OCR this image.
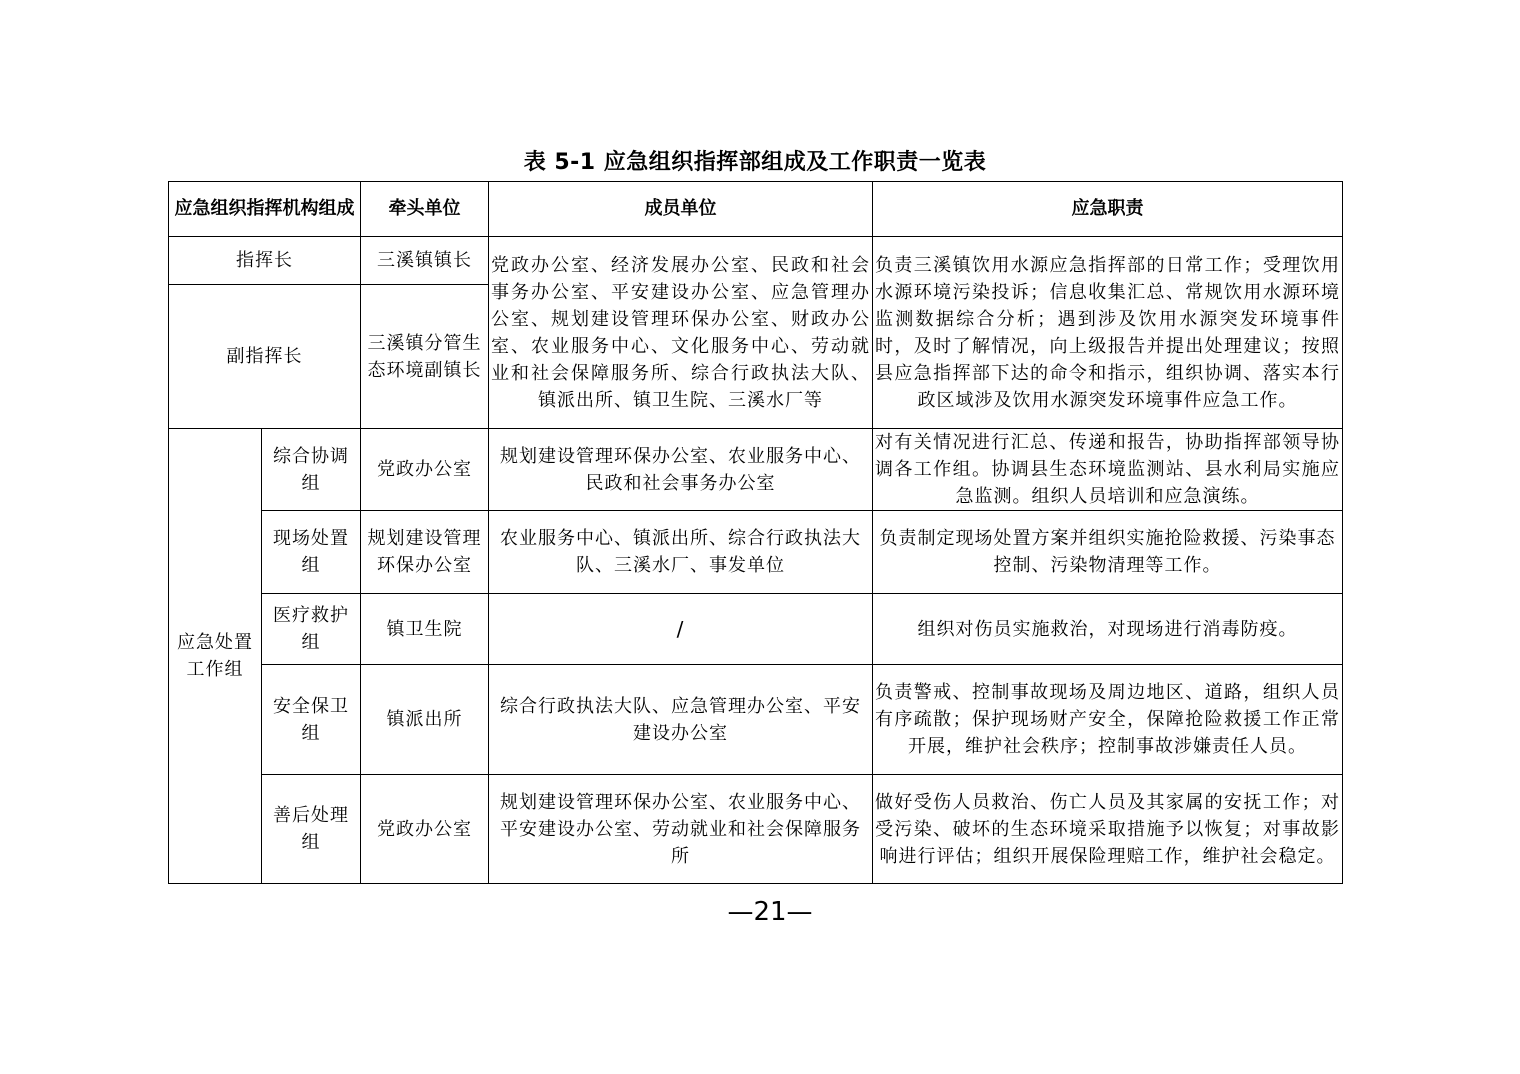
表 5-1 应急组织指挥部组成及工作职责一览表
应急组织指挥机构组成		牵头单位	成员单位	应急职责
指挥长		三溪镇镇长	党政办公室、经济发展办公室、民政和社会事务办公室、平安建设办公室、应急管理办公室、规划建设管理环保办公室、财政办公室、农业服务中心、文化服务中心、劳动就业和社会保障服务所、综合行政执法大队、镇派出所、镇卫生院、三溪水厂等	负责三溪镇饮用水源应急指挥部的日常工作；受理饮用水源环境污染投诉；信息收集汇总、常规饮用水源环境监测数据综合分析；遇到涉及饮用水源突发环境事件时，及时了解情况，向上级报告并提出处理建议；按照县应急指挥部下达的命令和指示，组织协调、落实本行政区域涉及饮用水源突发环境事件应急工作。
副指挥长		三溪镇分管生态环境副镇长		
应急处置工作组	综合协调组	党政办公室	规划建设管理环保办公室、农业服务中心、民政和社会事务办公室	对有关情况进行汇总、传递和报告，协助指挥部领导协调各工作组。协调县生态环境监测站、县水利局实施应急监测。组织人员培训和应急演练。
	现场处置组	规划建设管理环保办公室	农业服务中心、镇派出所、综合行政执法大队、三溪水厂、事发单位	负责制定现场处置方案并组织实施抢险救援、污染事态控制、污染物清理等工作。
	医疗救护组	镇卫生院	/	组织对伤员实施救治，对现场进行消毒防疫。
	安全保卫组	镇派出所	综合行政执法大队、应急管理办公室、平安建设办公室	负责警戒、控制事故现场及周边地区、道路，组织人员有序疏散；保护现场财产安全，保障抢险救援工作正常开展，维护社会秩序；控制事故涉嫌责任人员。
	善后处理组	党政办公室	规划建设管理环保办公室、农业服务中心、平安建设办公室、劳动就业和社会保障服务所	做好受伤人员救治、伤亡人员及其家属的安抚工作；对受污染、破坏的生态环境采取措施予以恢复；对事故影响进行评估；组织开展保险理赔工作，维护社会稳定。
—21—
